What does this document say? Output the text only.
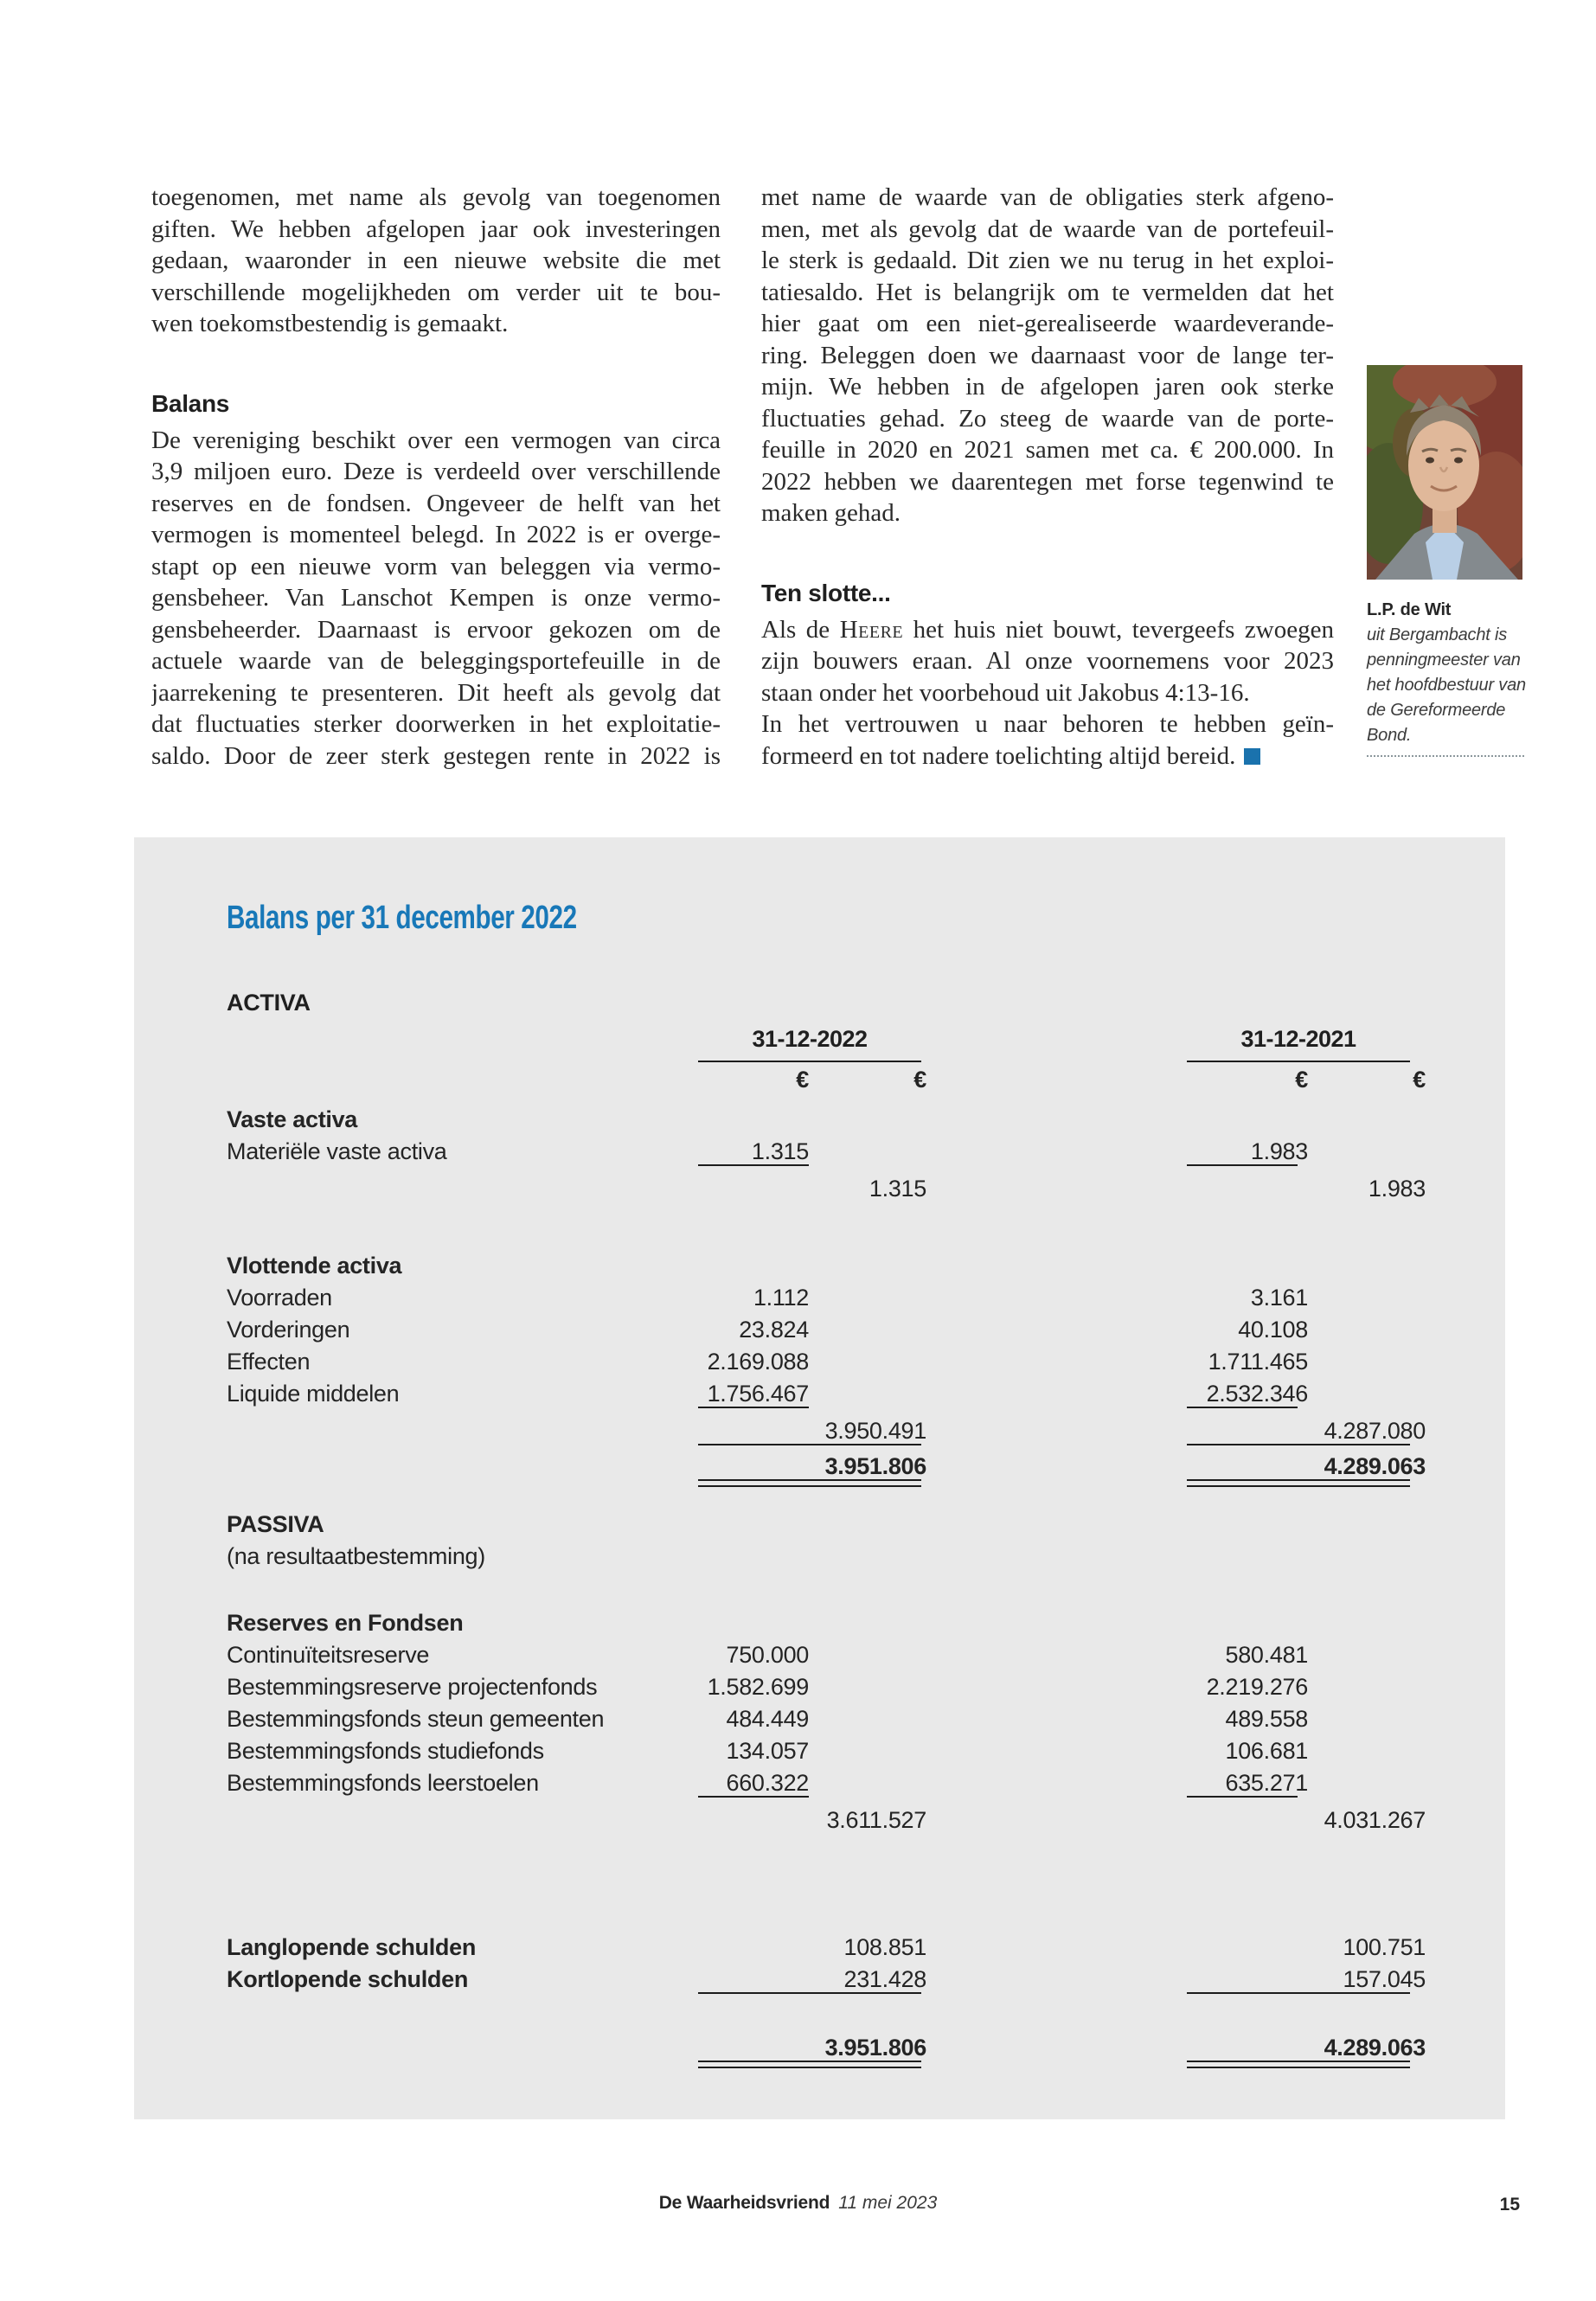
toegenomen, met name als gevolg van toegenomen
giften. We hebben afgelopen jaar ook investeringen
gedaan, waaronder in een nieuwe website die met
verschillende mogelijkheden om verder uit te bou-
wen toekomstbestendig is gemaakt.
Balans
De vereniging beschikt over een vermogen van circa
3,9 miljoen euro. Deze is verdeeld over verschillende
reserves en de fondsen. Ongeveer de helft van het
vermogen is momenteel belegd. In 2022 is er overge-
stapt op een nieuwe vorm van beleggen via vermo-
gensbeheer. Van Lanschot Kempen is onze vermo-
gensbeheerder. Daarnaast is ervoor gekozen om de
actuele waarde van de beleggingsportefeuille in de
jaarrekening te presenteren. Dit heeft als gevolg dat
dat fluctuaties sterker doorwerken in het exploitatie-
saldo. Door de zeer sterk gestegen rente in 2022 is
met name de waarde van de obligaties sterk afgeno-
men, met als gevolg dat de waarde van de portefeuil-
le sterk is gedaald. Dit zien we nu terug in het exploi-
tatiesaldo. Het is belangrijk om te vermelden dat het
hier gaat om een niet-gerealiseerde waardeverande-
ring. Beleggen doen we daarnaast voor de lange ter-
mijn. We hebben in de afgelopen jaren ook sterke
fluctuaties gehad. Zo steeg de waarde van de porte-
feuille in 2020 en 2021 samen met ca. € 200.000. In
2022 hebben we daarentegen met forse tegenwind te
maken gehad.
Ten slotte...
Als de Heere het huis niet bouwt, tevergeefs zwoegen
zijn bouwers eraan. Al onze voornemens voor 2023
staan onder het voorbehoud uit Jakobus 4:13-16.
In het vertrouwen u naar behoren te hebben geïn-
formeerd en tot nadere toelichting altijd bereid.
L.P. de Wit
uit Bergambacht is
penningmeester van
het hoofdbestuur van
de Gereformeerde
Bond.
Balans per 31 december 2022
ACTIVA
31-12-2022	31-12-2021
€	€	€	€
Vaste activa
Materiële vaste activa	1.315	1.983
1.315	1.983
Vlottende activa
Voorraden	1.112	3.161
Vorderingen	23.824	40.108
Effecten	2.169.088	1.711.465
Liquide middelen	1.756.467	2.532.346
3.950.491	4.287.080
3.951.806	4.289.063
PASSIVA
(na resultaatbestemming)
Reserves en Fondsen
Continuïteitsreserve	750.000	580.481
Bestemmingsreserve projectenfonds	1.582.699	2.219.276
Bestemmingsfonds steun gemeenten	484.449	489.558
Bestemmingsfonds studiefonds	134.057	106.681
Bestemmingsfonds leerstoelen	660.322	635.271
3.611.527	4.031.267
Langlopende schulden	108.851	100.751
Kortlopende schulden	231.428	157.045
3.951.806	4.289.063
De Waarheidsvriend 11 mei 2023	15
